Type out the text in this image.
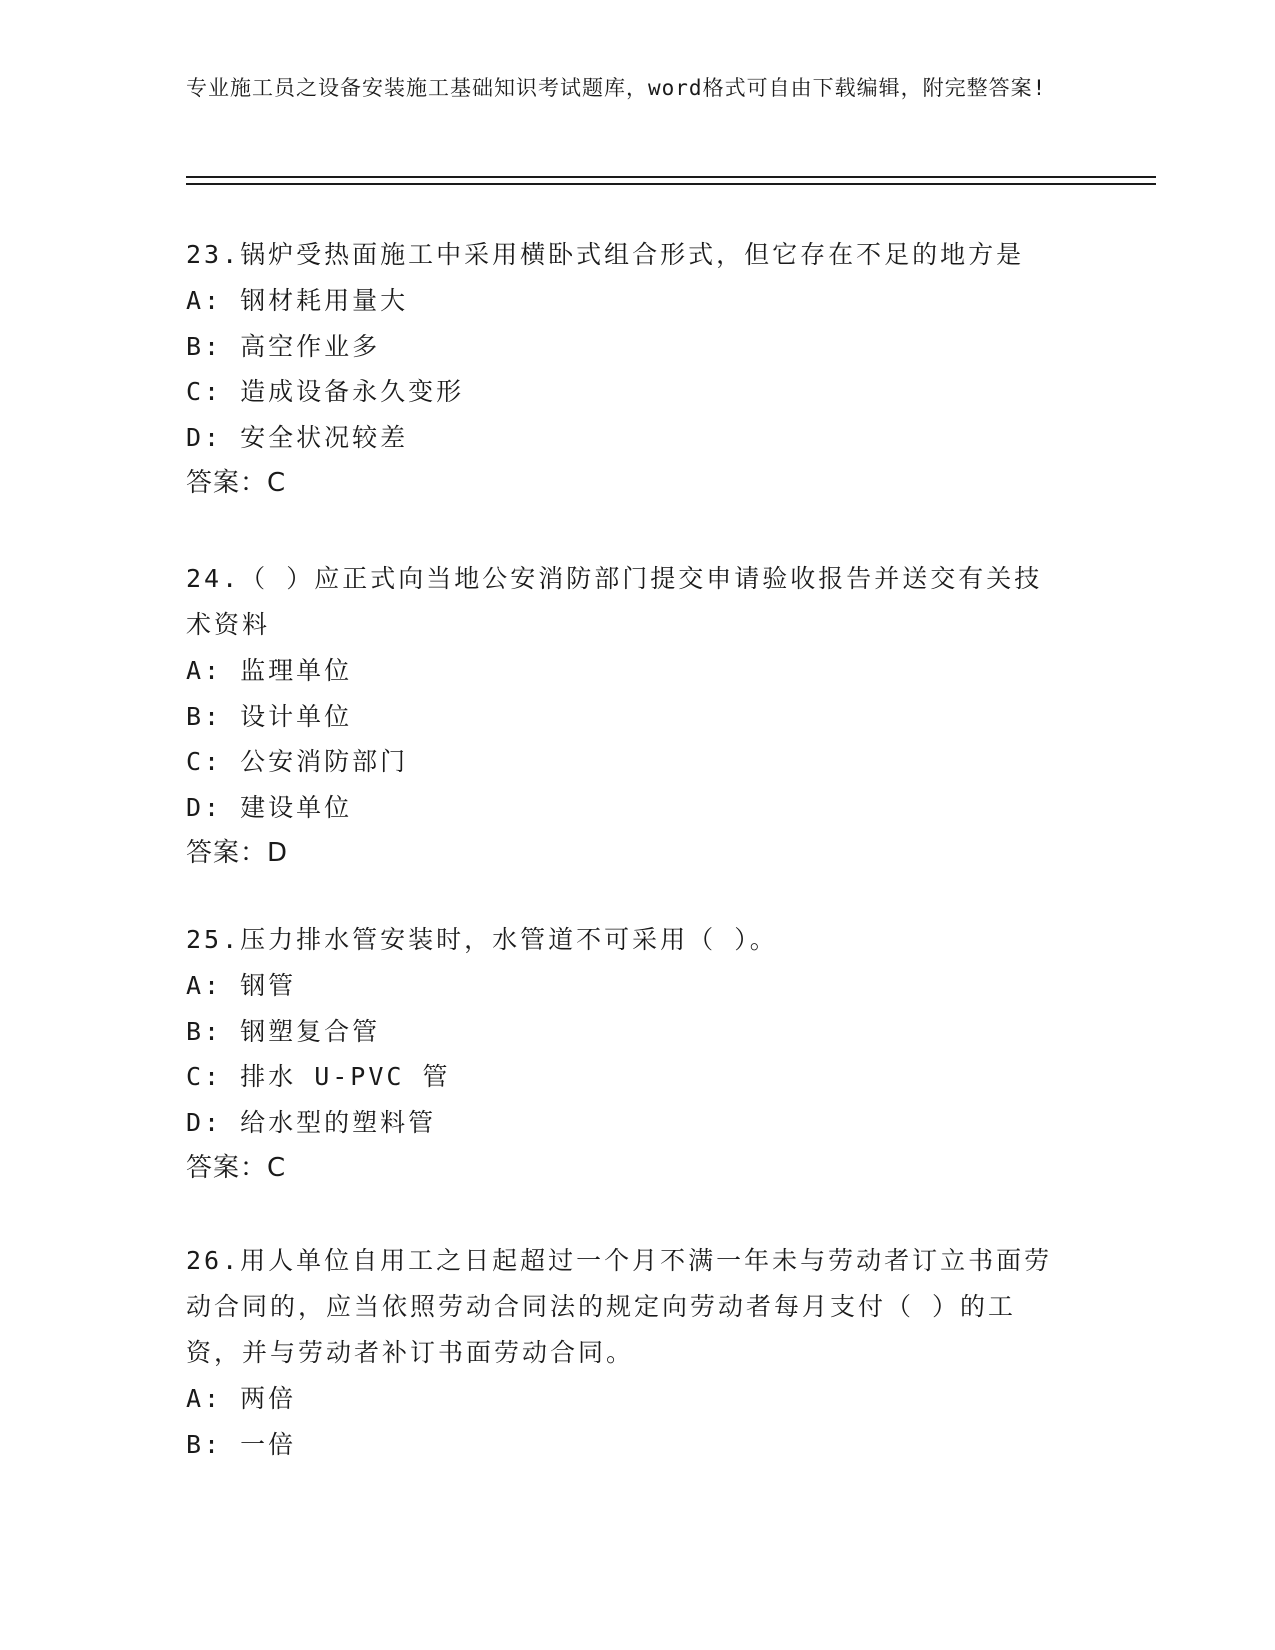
专业施工员之设备安装施工基础知识考试题库，word格式可自由下载编辑，附完整答案!
23.锅炉受热面施工中采用横卧式组合形式，但它存在不足的地方是
A: 钢材耗用量大
B: 高空作业多
C: 造成设备永久变形
D: 安全状况较差
答案：C
24.（ ）应正式向当地公安消防部门提交申请验收报告并送交有关技术资料
A: 监理单位
B: 设计单位
C: 公安消防部门
D: 建设单位
答案：D
25.压力排水管安装时，水管道不可采用（ ）。
A: 钢管
B: 钢塑复合管
C: 排水 U-PVC 管
D: 给水型的塑料管
答案：C
26.用人单位自用工之日起超过一个月不满一年未与劳动者订立书面劳动合同的，应当依照劳动合同法的规定向劳动者每月支付（ ）的工资，并与劳动者补订书面劳动合同。
A: 两倍
B: 一倍
